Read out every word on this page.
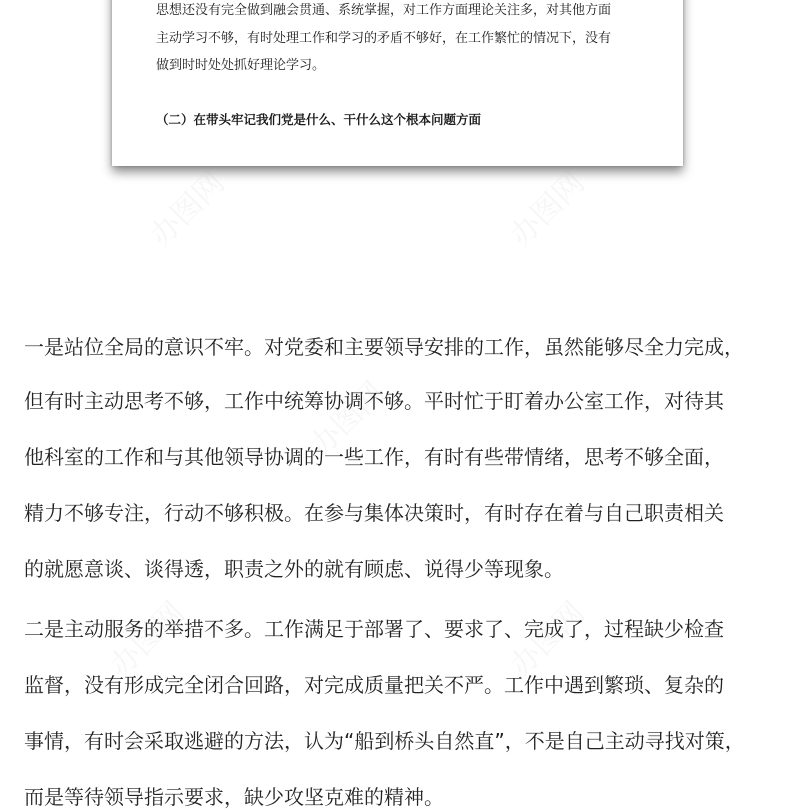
思想还没有完全做到融会贯通、系统掌握，对工作方面理论关注多，对其他方面
主动学习不够，有时处理工作和学习的矛盾不够好，在工作繁忙的情况下，没有
做到时时处处抓好理论学习。
（二）在带头牢记我们党是什么、干什么这个根本问题方面
一是站位全局的意识不牢。对党委和主要领导安排的工作，虽然能够尽全力完成，
但有时主动思考不够，工作中统筹协调不够。平时忙于盯着办公室工作，对待其
他科室的工作和与其他领导协调的一些工作，有时有些带情绪，思考不够全面，
精力不够专注，行动不够积极。在参与集体决策时，有时存在着与自己职责相关
的就愿意谈、谈得透，职责之外的就有顾虑、说得少等现象。
二是主动服务的举措不多。工作满足于部署了、要求了、完成了，过程缺少检查
监督，没有形成完全闭合回路，对完成质量把关不严。工作中遇到繁琐、复杂的
事情，有时会采取逃避的方法，认为“船到桥头自然直”，不是自己主动寻找对策，
而是等待领导指示要求，缺少攻坚克难的精神。
办图网	办图网
办图网
办图网	办图网
